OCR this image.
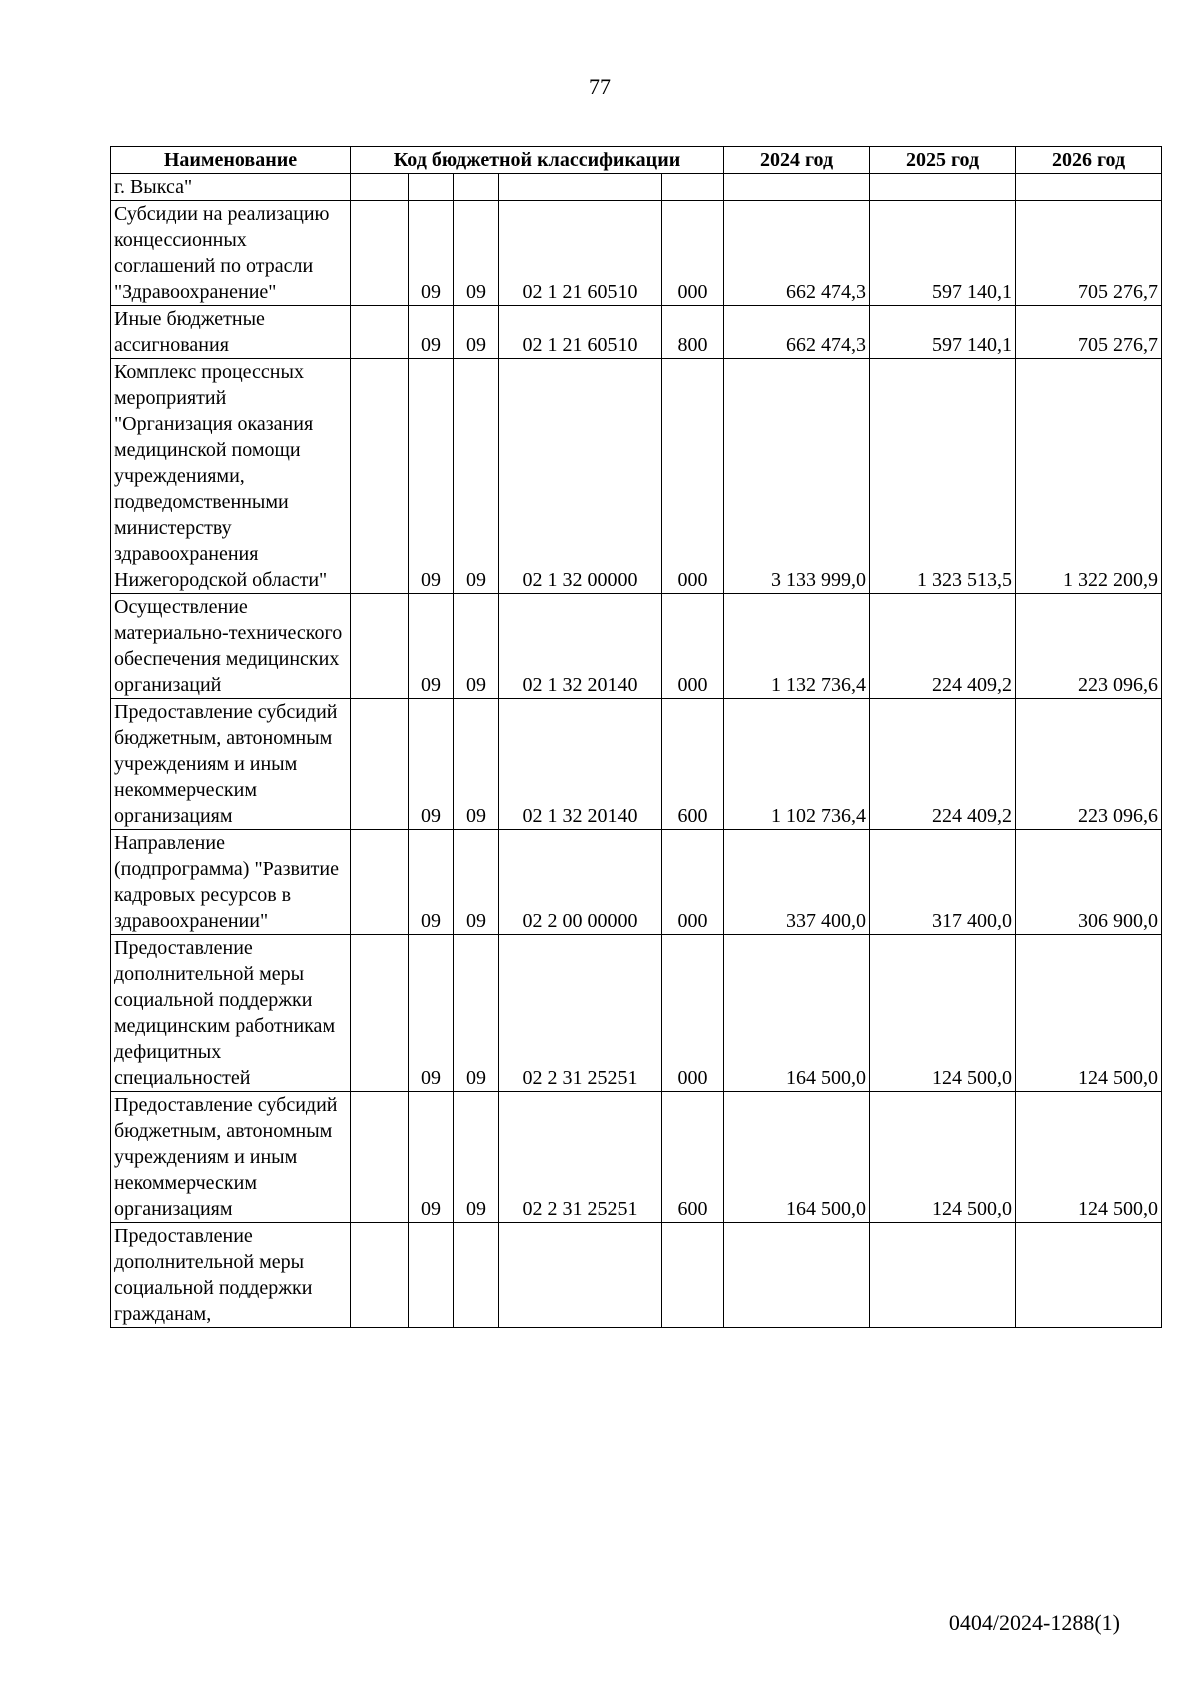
77
Наименование	Код бюджетной классификации					2024 год	2025 год	2026 год
г. Выкса"								
Субсидии на реализацию концессионных соглашений по отрасли "Здравоохранение"		09	09	02 1 21 60510	000	662 474,3	597 140,1	705 276,7
Иные бюджетные ассигнования		09	09	02 1 21 60510	800	662 474,3	597 140,1	705 276,7
Комплекс процессных мероприятий "Организация оказания медицинской помощи учреждениями, подведомственными министерству здравоохранения Нижегородской области"		09	09	02 1 32 00000	000	3 133 999,0	1 323 513,5	1 322 200,9
Осуществление материально-технического обеспечения медицинских организаций		09	09	02 1 32 20140	000	1 132 736,4	224 409,2	223 096,6
Предоставление субсидий бюджетным, автономным учреждениям и иным некоммерческим организациям		09	09	02 1 32 20140	600	1 102 736,4	224 409,2	223 096,6
Направление (подпрограмма) "Развитие кадровых ресурсов в здравоохранении"		09	09	02 2 00 00000	000	337 400,0	317 400,0	306 900,0
Предоставление дополнительной меры социальной поддержки медицинским работникам дефицитных специальностей		09	09	02 2 31 25251	000	164 500,0	124 500,0	124 500,0
Предоставление субсидий бюджетным, автономным учреждениям и иным некоммерческим организациям		09	09	02 2 31 25251	600	164 500,0	124 500,0	124 500,0
Предоставление дополнительной меры социальной поддержки гражданам,								
0404/2024-1288(1)
